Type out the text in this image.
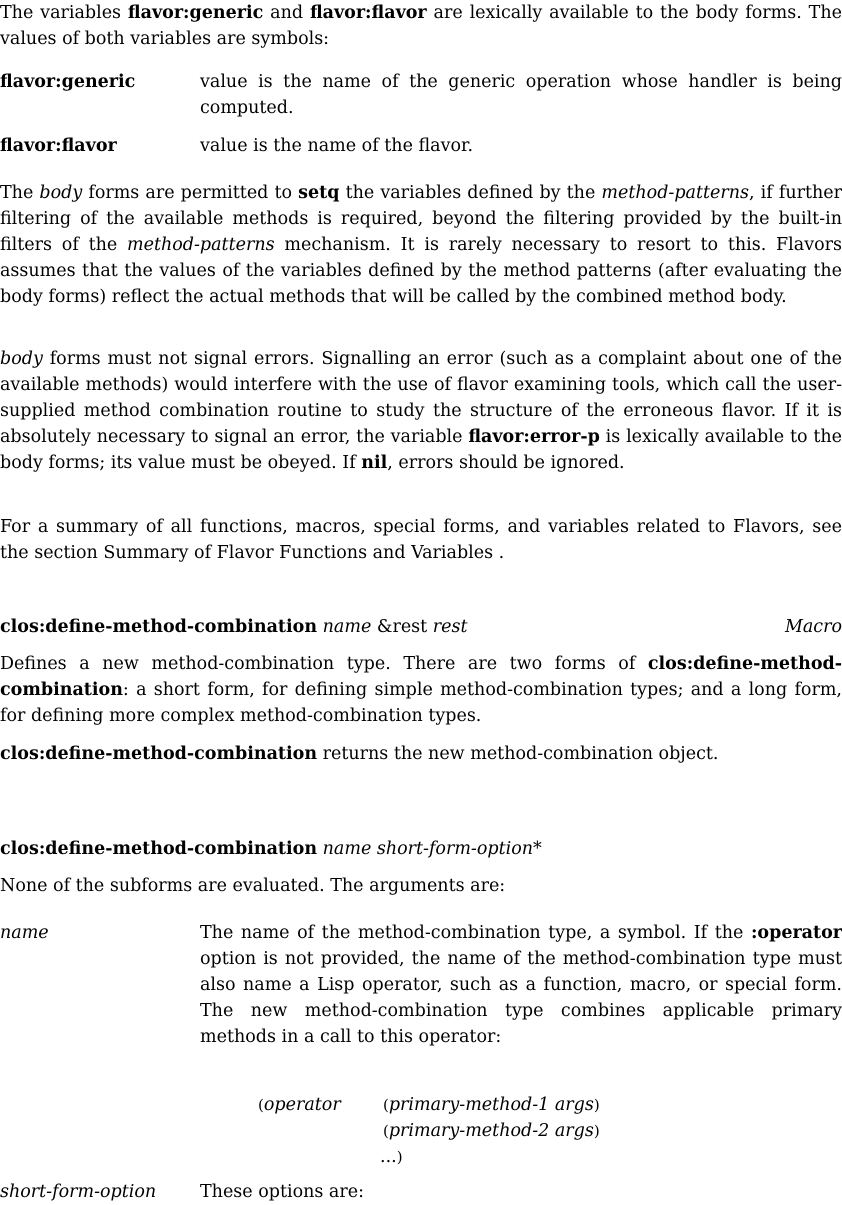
The variables flavor:generic and flavor:flavor are lexically available to the body forms. The values of both variables are symbols:

flavor:generic	value is the name of the generic operation whose handler is being computed.

flavor:flavor	value is the name of the flavor.

The body forms are permitted to setq the variables defined by the method-patterns, if further filtering of the available methods is required, beyond the filtering provided by the built-in filters of the method-patterns mechanism. It is rarely necessary to resort to this. Flavors assumes that the values of the variables defined by the method patterns (after evaluating the body forms) reflect the actual methods that will be called by the combined method body.

body forms must not signal errors. Signalling an error (such as a complaint about one of the available methods) would interfere with the use of flavor examining tools, which call the user-supplied method combination routine to study the structure of the erroneous flavor. If it is absolutely necessary to signal an error, the variable flavor:error-p is lexically available to the body forms; its value must be obeyed. If nil, errors should be ignored.

For a summary of all functions, macros, special forms, and variables related to Flavors, see the section Summary of Flavor Functions and Variables .

clos:define-method-combination name &rest rest	Macro

Defines a new method-combination type. There are two forms of clos:define-method-combination: a short form, for defining simple method-combination types; and a long form, for defining more complex method-combination types.

clos:define-method-combination returns the new method-combination object.

clos:define-method-combination name short-form-option*

None of the subforms are evaluated. The arguments are:

name	The name of the method-combination type, a symbol. If the :operator option is not provided, the name of the method-combination type must also name a Lisp operator, such as a function, macro, or special form. The new method-combination type combines applicable primary methods in a call to this operator:

(operator	(primary-method-1 args)
(primary-method-2 args)
...)
short-form-option	These options are:
